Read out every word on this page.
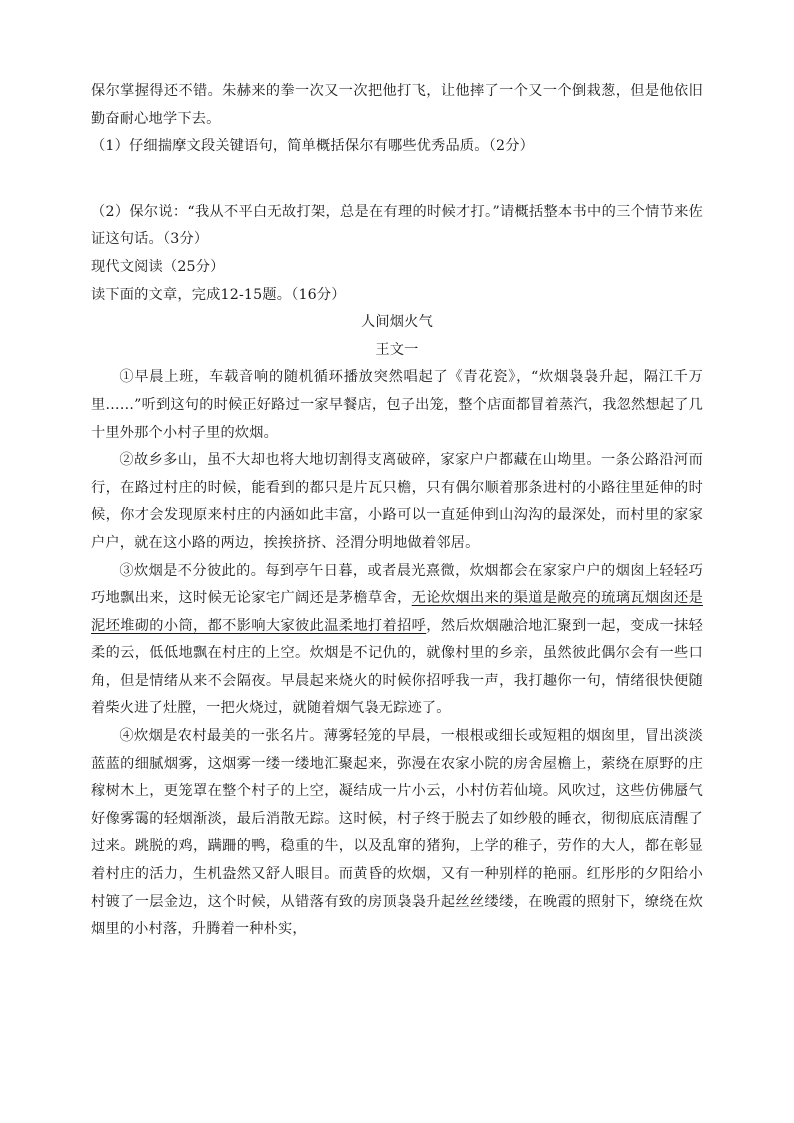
保尔掌握得还不错。朱赫来的拳一次又一次把他打飞，让他摔了一个又一个倒栽葱，但是他依旧勤奋耐心地学下去。
（1）仔细揣摩文段关键语句，简单概括保尔有哪些优秀品质。（2分）
（2）保尔说：“我从不平白无故打架，总是在有理的时候才打。”请概括整本书中的三个情节来佐证这句话。（3分）
现代文阅读（25分）
读下面的文章，完成12-15题。（16分）
人间烟火气
王文一
①早晨上班，车载音响的随机循环播放突然唱起了《青花瓷》，“炊烟袅袅升起，隔江千万里……”听到这句的时候正好路过一家早餐店，包子出笼，整个店面都冒着蒸汽，我忽然想起了几十里外那个小村子里的炊烟。
②故乡多山，虽不大却也将大地切割得支离破碎，家家户户都藏在山坳里。一条公路沿河而行，在路过村庄的时候，能看到的都只是片瓦只檐，只有偶尔顺着那条进村的小路往里延伸的时候，你才会发现原来村庄的内涵如此丰富，小路可以一直延伸到山沟沟的最深处，而村里的家家户户，就在这小路的两边，挨挨挤挤、泾渭分明地做着邻居。
③炊烟是不分彼此的。每到亭午日暮，或者晨光熹微，炊烟都会在家家户户的烟囱上轻轻巧巧地飘出来，这时候无论家宅广阔还是茅檐草舍，无论炊烟出来的渠道是敞亮的琉璃瓦烟囱还是泥坯堆砌的小筒，都不影响大家彼此温柔地打着招呼，然后炊烟融洽地汇聚到一起，变成一抹轻柔的云，低低地飘在村庄的上空。炊烟是不记仇的，就像村里的乡亲，虽然彼此偶尔会有一些口角，但是情绪从来不会隔夜。早晨起来烧火的时候你招呼我一声，我打趣你一句，情绪很快便随着柴火进了灶膛，一把火烧过，就随着烟气袅无踪迹了。
④炊烟是农村最美的一张名片。薄雾轻笼的早晨，一根根或细长或短粗的烟囱里，冒出淡淡蓝蓝的细腻烟雾，这烟雾一缕一缕地汇聚起来，弥漫在农家小院的房舍屋檐上，萦绕在原野的庄稼树木上，更笼罩在整个村子的上空，凝结成一片小云，小村仿若仙境。风吹过，这些仿佛蜃气好像雾霭的轻烟渐淡，最后消散无踪。这时候，村子终于脱去了如纱般的睡衣，彻彻底底清醒了过来。跳脱的鸡，蹒跚的鸭，稳重的牛，以及乱窜的猪狗，上学的稚子，劳作的大人，都在彰显着村庄的活力，生机盎然又舒人眼目。而黄昏的炊烟，又有一种别样的艳丽。红彤彤的夕阳给小村镀了一层金边，这个时候，从错落有致的房顶袅袅升起丝丝缕缕，在晚霞的照射下，缭绕在炊烟里的小村落，升腾着一种朴实，
